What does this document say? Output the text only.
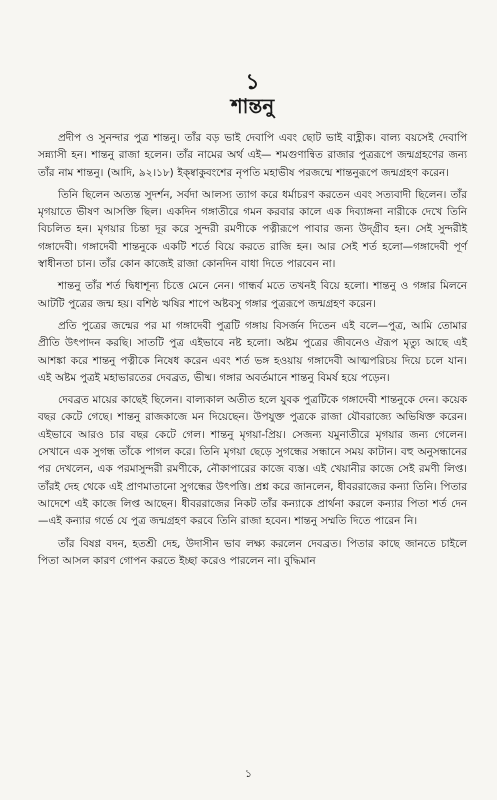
১
শান্তনু

প্রদীপ ও সুনন্দার পুত্র শান্তনু। তাঁর বড় ভাই দেবাপি এবং ছোট ভাই বাহ্লীক। বাল্য বয়সেই দেবাপি সন্ন্যাসী হন। শান্তনু রাজা হলেন। তাঁর নামের অর্থ এই— শমগুণান্বিত রাজার পুত্ররূপে জন্মগ্রহণের জন্য তাঁর নাম শান্তনু। (আদি, ৯২।১৮) ইক্ষ্বাকুবংশের নৃপতি মহাভীষ পরজন্মে শান্তনুরূপে জন্মগ্রহণ করেন।

তিনি ছিলেন অত্যন্ত সুদর্শন, সর্বদা আলস্য ত্যাগ করে ধর্মাচরণ করতেন এবং সত্যবাদী ছিলেন। তাঁর মৃগয়াতে ভীষণ আসক্তি ছিল। একদিন গঙ্গাতীরে গমন করবার কালে এক দিব্যাঙ্গনা নারীকে দেখে তিনি বিচলিত হন। মৃগয়ার চিন্তা দূর করে সুন্দরী রমণীকে পত্নীরূপে পাবার জন্য উদ্গ্রীব হন। সেই সুন্দরীই গঙ্গাদেবী। গঙ্গাদেবী শান্তনুকে একটি শর্তে বিয়ে করতে রাজি হন। আর সেই শর্ত হলো—গঙ্গাদেবী পূর্ণ স্বাধীনতা চান। তাঁর কোন কাজেই রাজা কোনদিন বাধা দিতে পারবেন না।

শান্তনু তাঁর শর্ত দ্বিধাশূন্য চিত্তে মেনে নেন। গান্ধর্ব মতে তখনই বিয়ে হলো। শান্তনু ও গঙ্গার মিলনে আটটি পুত্রের জন্ম হয়। বশিষ্ঠ ঋষির শাপে অষ্টবসু গঙ্গার পুত্ররূপে জন্মগ্রহণ করেন।

প্রতি পুত্রের জন্মের পর মা গঙ্গাদেবী পুত্রটি গঙ্গায় বিসর্জন দিতেন এই বলে—পুত্র, আমি তোমার প্রীতি উৎপাদন করছি। সাতটি পুত্র এইভাবে নষ্ট হলো। অষ্টম পুত্রের জীবনেও ঐরূপ মৃত্যু আছে এই আশঙ্কা করে শান্তনু পত্নীকে নিষেধ করেন এবং শর্ত ভঙ্গ হওয়ায় গঙ্গাদেবী আত্মপরিচয় দিয়ে চলে যান। এই অষ্টম পুত্রই মহাভারতের দেবব্রত, ভীষ্ম। গঙ্গার অবর্তমানে শান্তনু বিমর্ষ হয়ে পড়েন।

দেবব্রত মায়ের কাছেই ছিলেন। বাল্যকাল অতীত হলে যুবক পুত্রটিকে গঙ্গাদেবী শান্তনুকে দেন। কয়েক বছর কেটে গেছে। শান্তনু রাজকাজে মন দিয়েছেন। উপযুক্ত পুত্রকে রাজা যৌবরাজ্যে অভিষিক্ত করেন। এইভাবে আরও চার বছর কেটে গেল। শান্তনু মৃগয়া-প্রিয়। সেজন্য যমুনাতীরে মৃগয়ার জন্য গেলেন। সেখানে এক সুগন্ধ তাঁকে পাগল করে। তিনি মৃগয়া ছেড়ে সুগন্ধের সন্ধানে সময় কাটান। বহু অনুসন্ধানের পর দেখলেন, এক পরমাসুন্দরী রমণীকে, নৌকাপারের কাজে ব্যস্ত। এই খেয়ানীর কাজে সেই রমণী লিপ্ত। তাঁরই দেহ থেকে এই প্রাণমাতানো সুগন্ধের উৎপত্তি। প্রশ্ন করে জানলেন, ধীবররাজের কন্যা তিনি। পিতার আদেশে এই কাজে লিপ্ত আছেন। ধীবররাজের নিকট তাঁর কন্যাকে প্রার্থনা করলে কন্যার পিতা শর্ত দেন—এই কন্যার গর্ভে যে পুত্র জন্মগ্রহণ করবে তিনি রাজা হবেন। শান্তনু সম্মতি দিতে পারেন নি।

তাঁর বিষণ্ণ বদন, হতশ্রী দেহ, উদাসীন ভাব লক্ষ্য করলেন দেবব্রত। পিতার কাছে জানতে চাইলে পিতা আসল কারণ গোপন করতে ইচ্ছা করেও পারলেন না। বুদ্ধিমান

১
